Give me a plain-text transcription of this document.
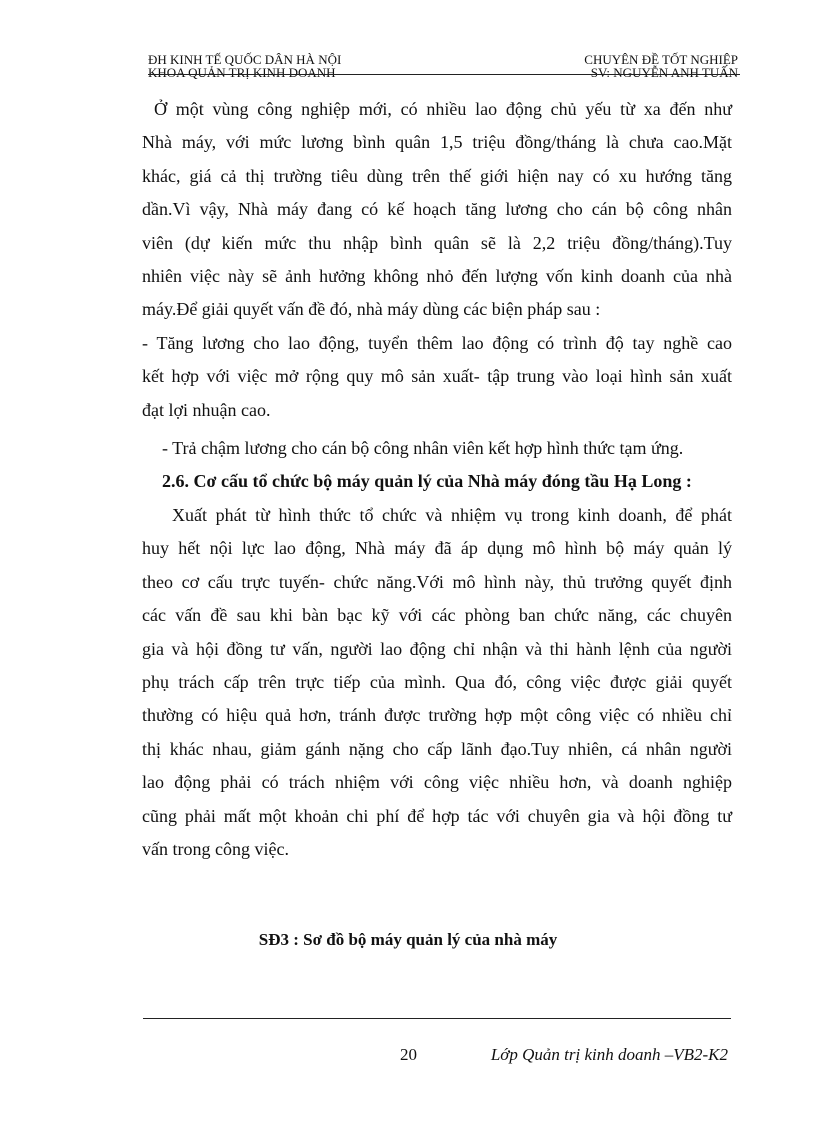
ĐH KINH TẾ QUỐC DÂN HÀ NỘI	CHUYÊN ĐỀ TỐT NGHIỆP
KHOA QUẢN TRỊ KINH DOANH	SV: NGUYỄN ANH TUẤN

Ở một vùng công nghiệp mới, có nhiều lao động chủ yếu từ xa đến như

Nhà máy, với mức lương bình quân 1,5 triệu đồng/tháng là chưa cao.Mặt

khác, giá cả thị trường tiêu dùng trên thế giới hiện nay có xu hướng tăng

dần.Vì vậy, Nhà máy đang có kế hoạch tăng lương cho cán bộ công nhân

viên (dự kiến mức thu nhập bình quân sẽ là 2,2 triệu đồng/tháng).Tuy

nhiên việc này sẽ ảnh hưởng không nhỏ đến lượng vốn kinh doanh của nhà

máy.Để giải quyết vấn đề đó, nhà máy dùng các biện pháp sau :

- Tăng lương cho lao động, tuyển thêm lao động có trình độ tay nghề cao

kết hợp với việc mở rộng quy mô sản xuất- tập trung vào loại hình sản xuất

đạt lợi nhuận cao.

- Trả chậm lương cho cán bộ công nhân viên kết hợp hình thức tạm ứng.

2.6. Cơ cấu tổ chức bộ máy quản lý của Nhà máy đóng tầu Hạ Long :

Xuất phát từ hình thức tổ chức và nhiệm vụ trong kinh doanh, để phát

huy hết nội lực lao động, Nhà máy đã áp dụng mô hình bộ máy quản lý

theo cơ cấu trực tuyến- chức năng.Với mô hình này, thủ trưởng quyết định

các vấn đề sau khi bàn bạc kỹ với các phòng ban chức năng, các chuyên

gia và hội đồng tư vấn, người lao động chỉ nhận và thi hành lệnh của người

phụ trách cấp trên trực tiếp của mình. Qua đó, công việc được giải quyết

thường có hiệu quả hơn, tránh được trường hợp một công việc có nhiều chỉ

thị khác nhau, giảm gánh nặng cho cấp lãnh đạo.Tuy nhiên, cá nhân người

lao động phải có trách nhiệm với công việc nhiều hơn, và doanh nghiệp

cũng phải mất một khoản chi phí để hợp tác với chuyên gia và hội đồng tư

vấn trong công việc.

SĐ3 : Sơ đồ bộ máy quản lý của nhà máy
20	Lớp Quản trị kinh doanh –VB2-K2
